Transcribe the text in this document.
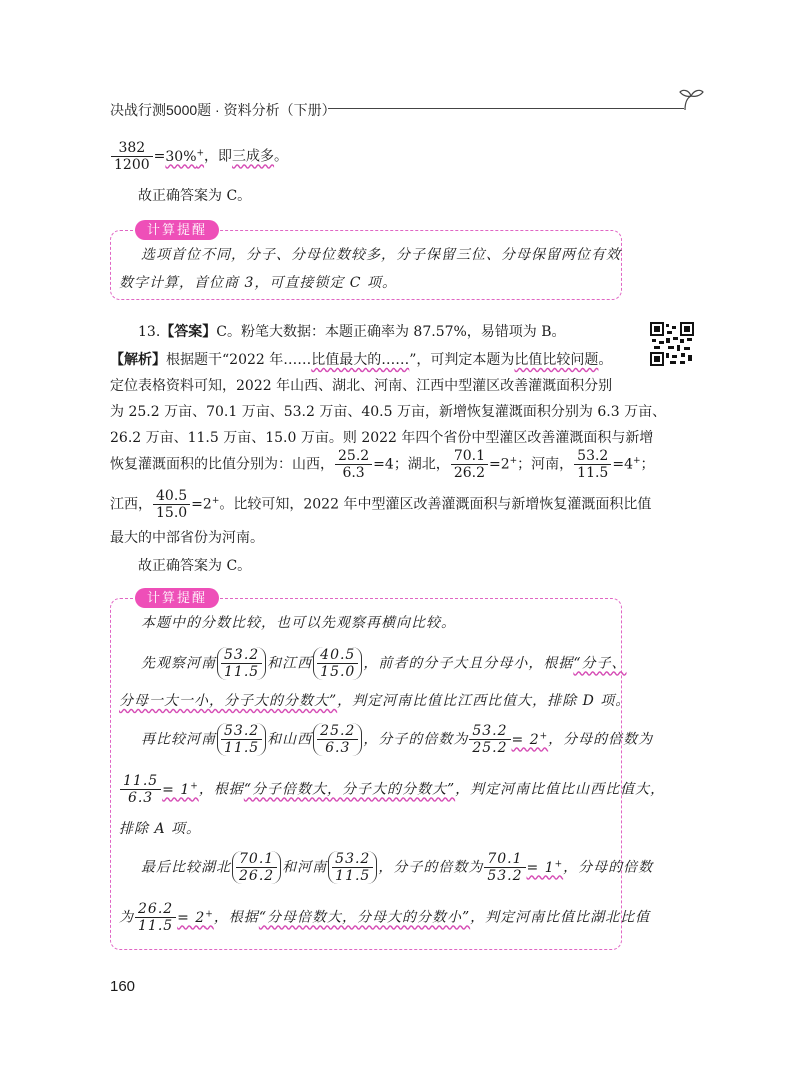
决战行测5000题 · 资料分析（下册）
$\frac{382}{1200} =30\%^+$，即三成多。
故正确答案为 C。
计算提醒
选项首位不同，分子、分母位数较多，分子保留三位、分母保留两位有效
数字计算，首位商 3，可直接锁定 C 项。
13.【答案】C。粉笔大数据：本题正确率为 87.57%，易错项为 B。
【解析】根据题干“2022 年……比值最大的……”，可判定本题为比值比较问题。
定位表格资料可知，2022 年山西、湖北、河南、江西中型灌区改善灌溉面积分别
为 25.2 万亩、70.1 万亩、53.2 万亩、40.5 万亩，新增恢复灌溉面积分别为 6.3 万亩、
26.2 万亩、11.5 万亩、15.0 万亩。则 2022 年四个省份中型灌区改善灌溉面积与新增
恢复灌溉面积的比值分别为：山西， $\frac{25.2}{6.3} =4$；湖北， $\frac{70.1}{26.2} =2^+$；河南， $\frac{53.2}{11.5} =4^+$；
江西， $\frac{40.5}{15.0} =2^+$。比较可知，2022 年中型灌区改善灌溉面积与新增恢复灌溉面积比值
最大的中部省份为河南。
故正确答案为 C。
计算提醒
本题中的分数比较，也可以先观察再横向比较。
先观察河南 $\frac{53.2}{11.5}$ 和江西 $\frac{40.5}{15.0}$ ，前者的分子大且分母小，根据“分子、
分母一大一小，分子大的分数大”，判定河南比值比江西比值大，排除 D 项。
再比较河南 $\frac{53.2}{11.5}$ 和山西 $\frac{25.2}{6.3}$ ，分子的倍数为 $\frac{53.2}{25.2} = 2^+$，分母的倍数为
$\frac{11.5}{6.3} = 1^+$，根据“分子倍数大，分子大的分数大”，判定河南比值比山西比值大，
排除 A 项。
最后比较湖北 $\frac{70.1}{26.2}$ 和河南 $\frac{53.2}{11.5}$ ，分子的倍数为 $\frac{70.1}{53.2} = 1^+$，分母的倍数
为 $\frac{26.2}{11.5} = 2^+$，根据“分母倍数大，分母大的分数小”，判定河南比值比湖北比值
160
